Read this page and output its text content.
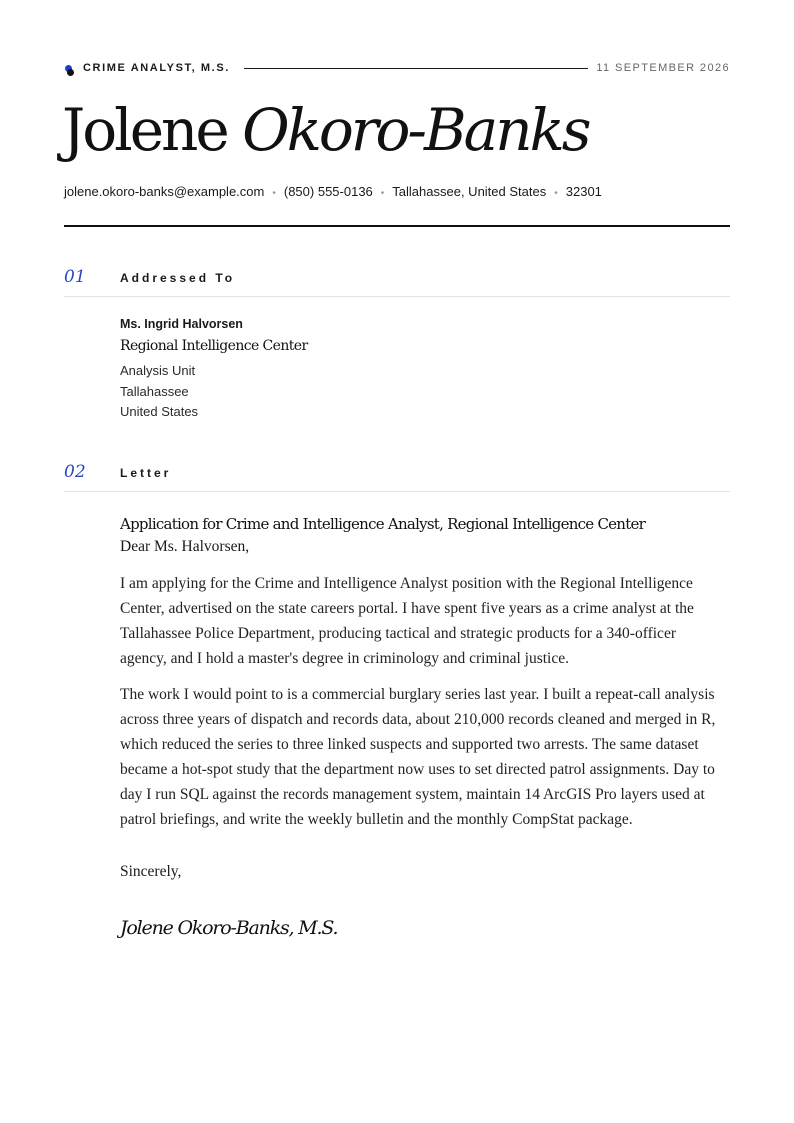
CRIME ANALYST, M.S.	11 SEPTEMBER 2026
Jolene Okoro-Banks
jolene.okoro-banks@example.com • (850) 555-0136 • Tallahassee, United States • 32301
01	Addressed To
Ms. Ingrid Halvorsen
Regional Intelligence Center
Analysis Unit
Tallahassee
United States
02	Letter
Application for Crime and Intelligence Analyst, Regional Intelligence Center
Dear Ms. Halvorsen,

I am applying for the Crime and Intelligence Analyst position with the Regional Intelligence Center, advertised on the state careers portal. I have spent five years as a crime analyst at the Tallahassee Police Department, producing tactical and strategic products for a 340-officer agency, and I hold a master's degree in criminology and criminal justice.

The work I would point to is a commercial burglary series last year. I built a repeat-call analysis across three years of dispatch and records data, about 210,000 records cleaned and merged in R, which reduced the series to three linked suspects and supported two arrests. The same dataset became a hot-spot study that the department now uses to set directed patrol assignments. Day to day I run SQL against the records management system, maintain 14 ArcGIS Pro layers used at patrol briefings, and write the weekly bulletin and the monthly CompStat package.

Sincerely,
Jolene Okoro-Banks, M.S.
